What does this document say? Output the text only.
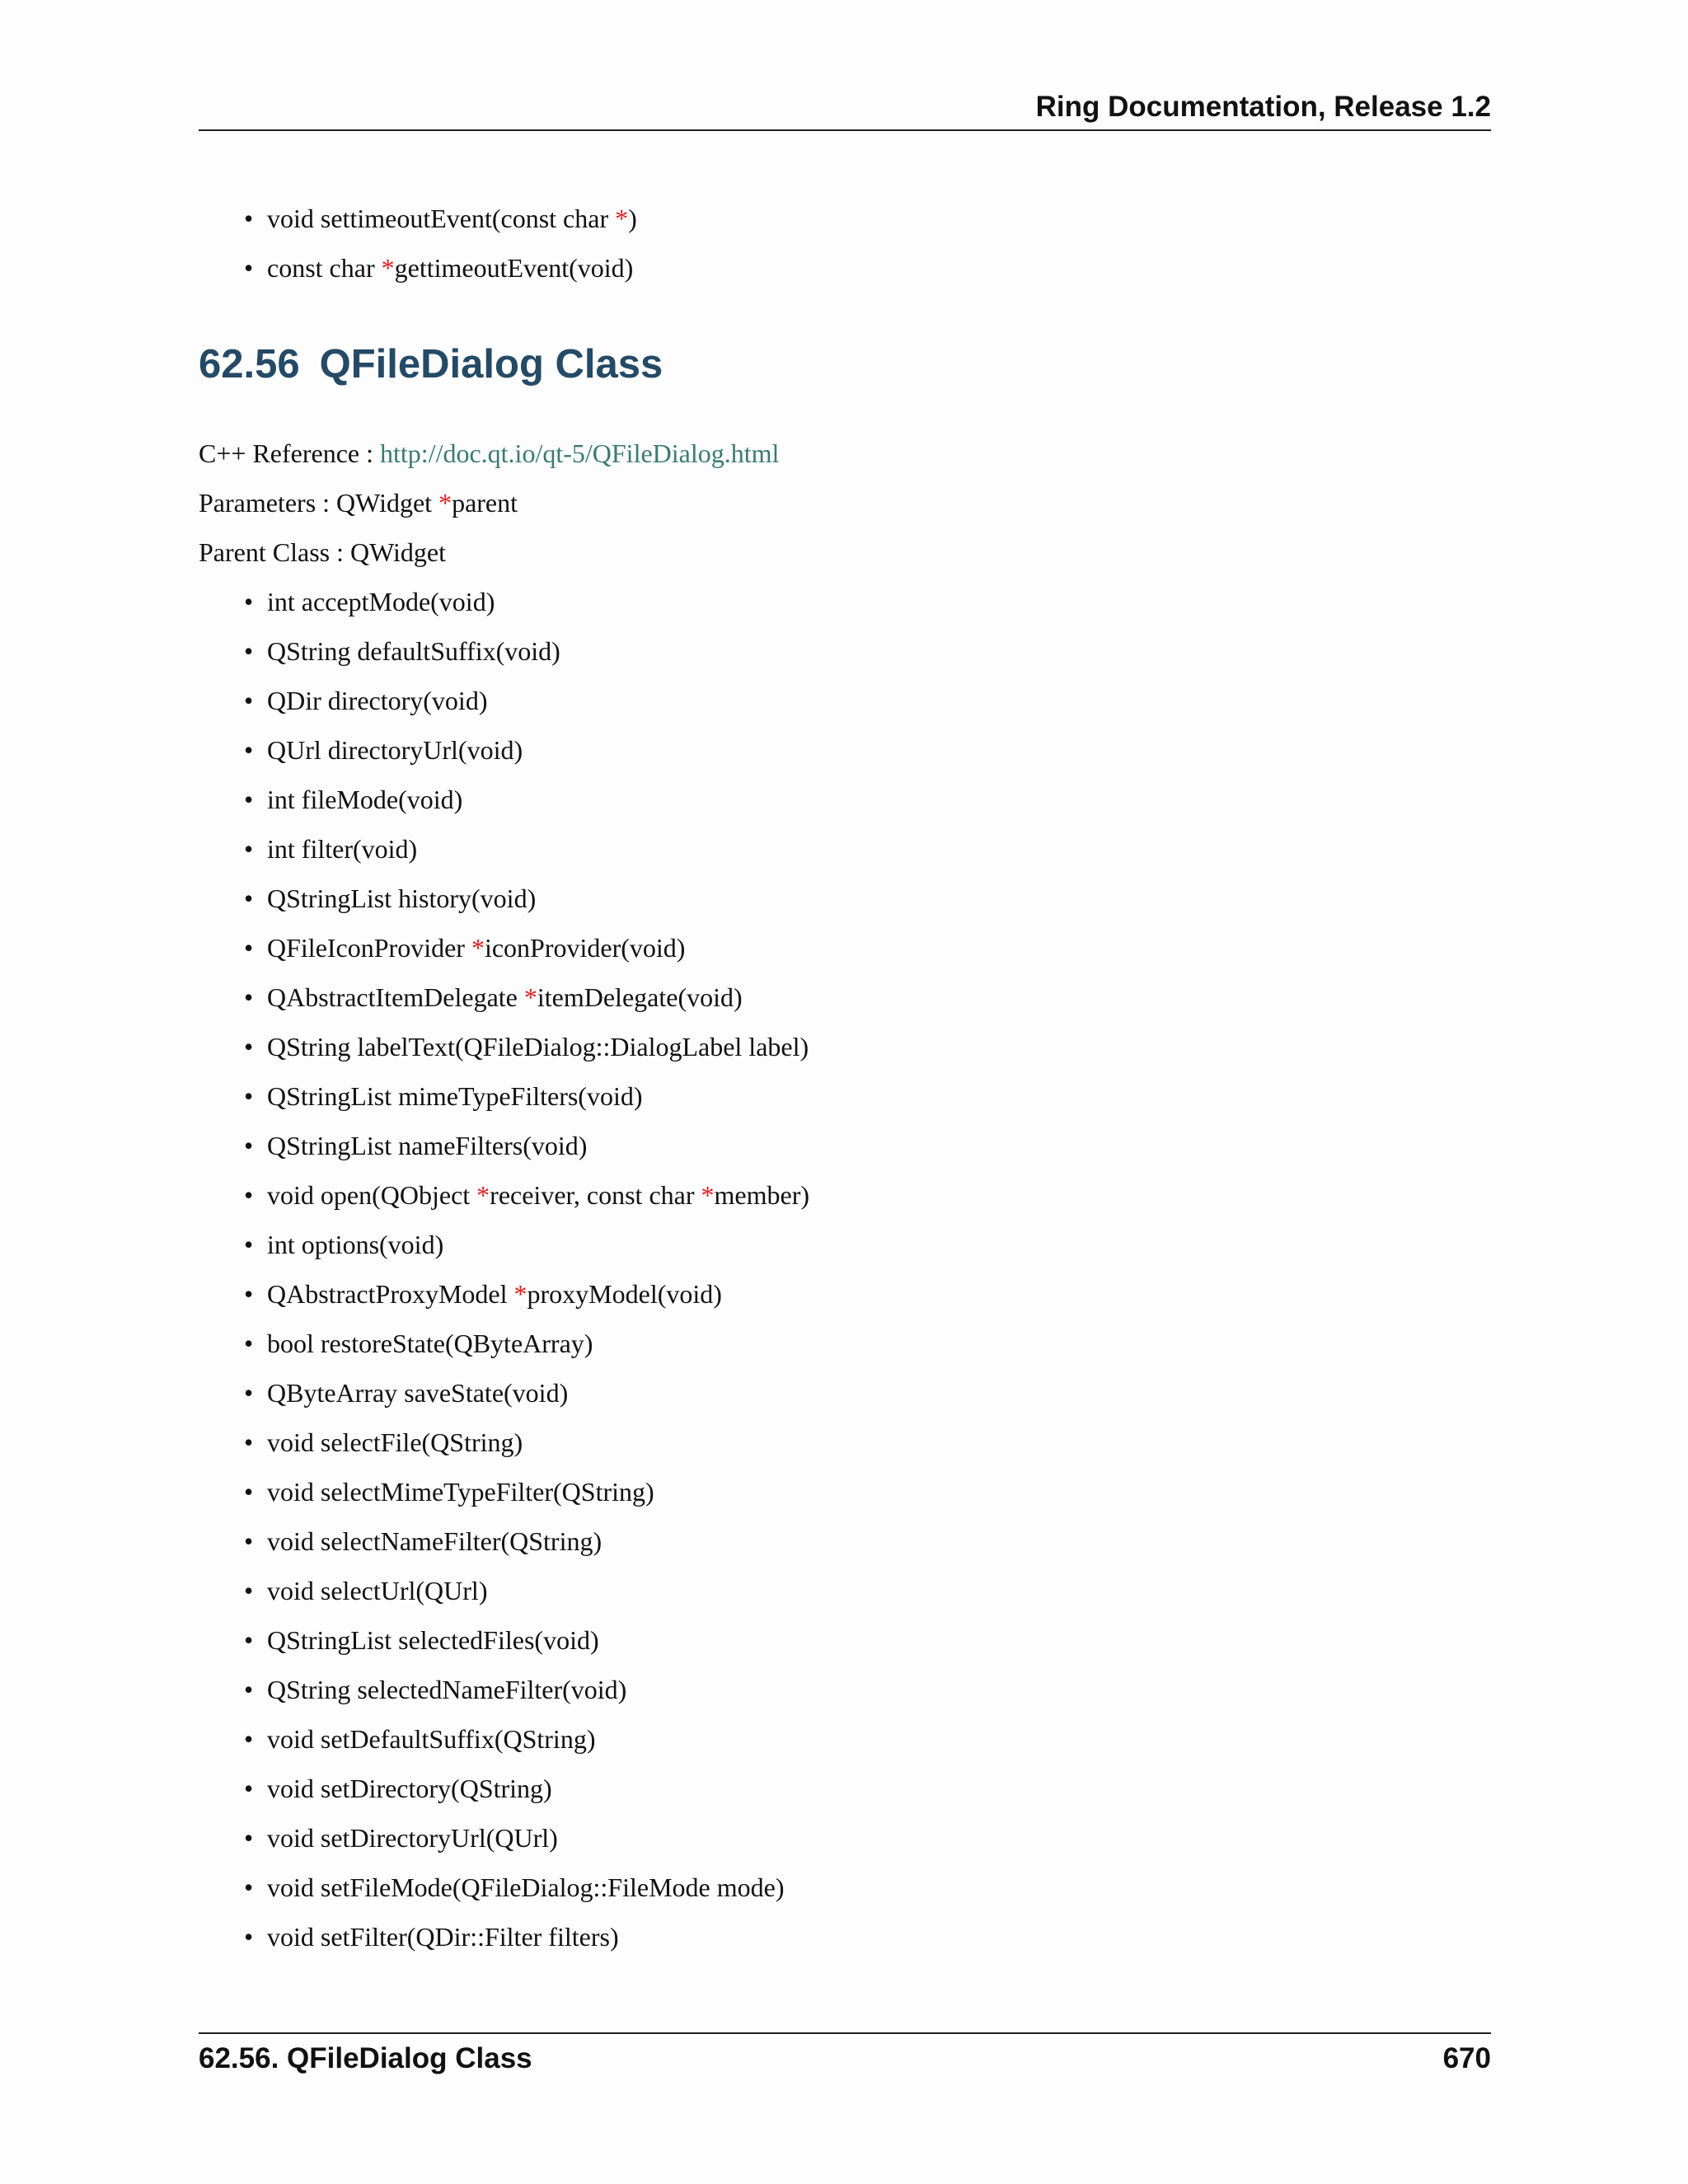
Ring Documentation, Release 1.2
• void settimeoutEvent(const char *)
• const char *gettimeoutEvent(void)
• int acceptMode(void)
• QString defaultSuffix(void)
• QDir directory(void)
• QUrl directoryUrl(void)
• int fileMode(void)
• int filter(void)
• QStringList history(void)
• QFileIconProvider *iconProvider(void)
• QAbstractItemDelegate *itemDelegate(void)
• QString labelText(QFileDialog::DialogLabel label)
• QStringList mimeTypeFilters(void)
• QStringList nameFilters(void)
• void open(QObject *receiver, const char *member)
• int options(void)
• QAbstractProxyModel *proxyModel(void)
• bool restoreState(QByteArray)
• QByteArray saveState(void)
• void selectFile(QString)
• void selectMimeTypeFilter(QString)
• void selectNameFilter(QString)
• void selectUrl(QUrl)
• QStringList selectedFiles(void)
• QString selectedNameFilter(void)
• void setDefaultSuffix(QString)
• void setDirectory(QString)
• void setDirectoryUrl(QUrl)
• void setFileMode(QFileDialog::FileMode mode)
• void setFilter(QDir::Filter filters)
62.56 QFileDialog Class
C++ Reference : http://doc.qt.io/qt-5/QFileDialog.html
Parameters : QWidget *parent
Parent Class : QWidget
62.56. QFileDialog Class	670
